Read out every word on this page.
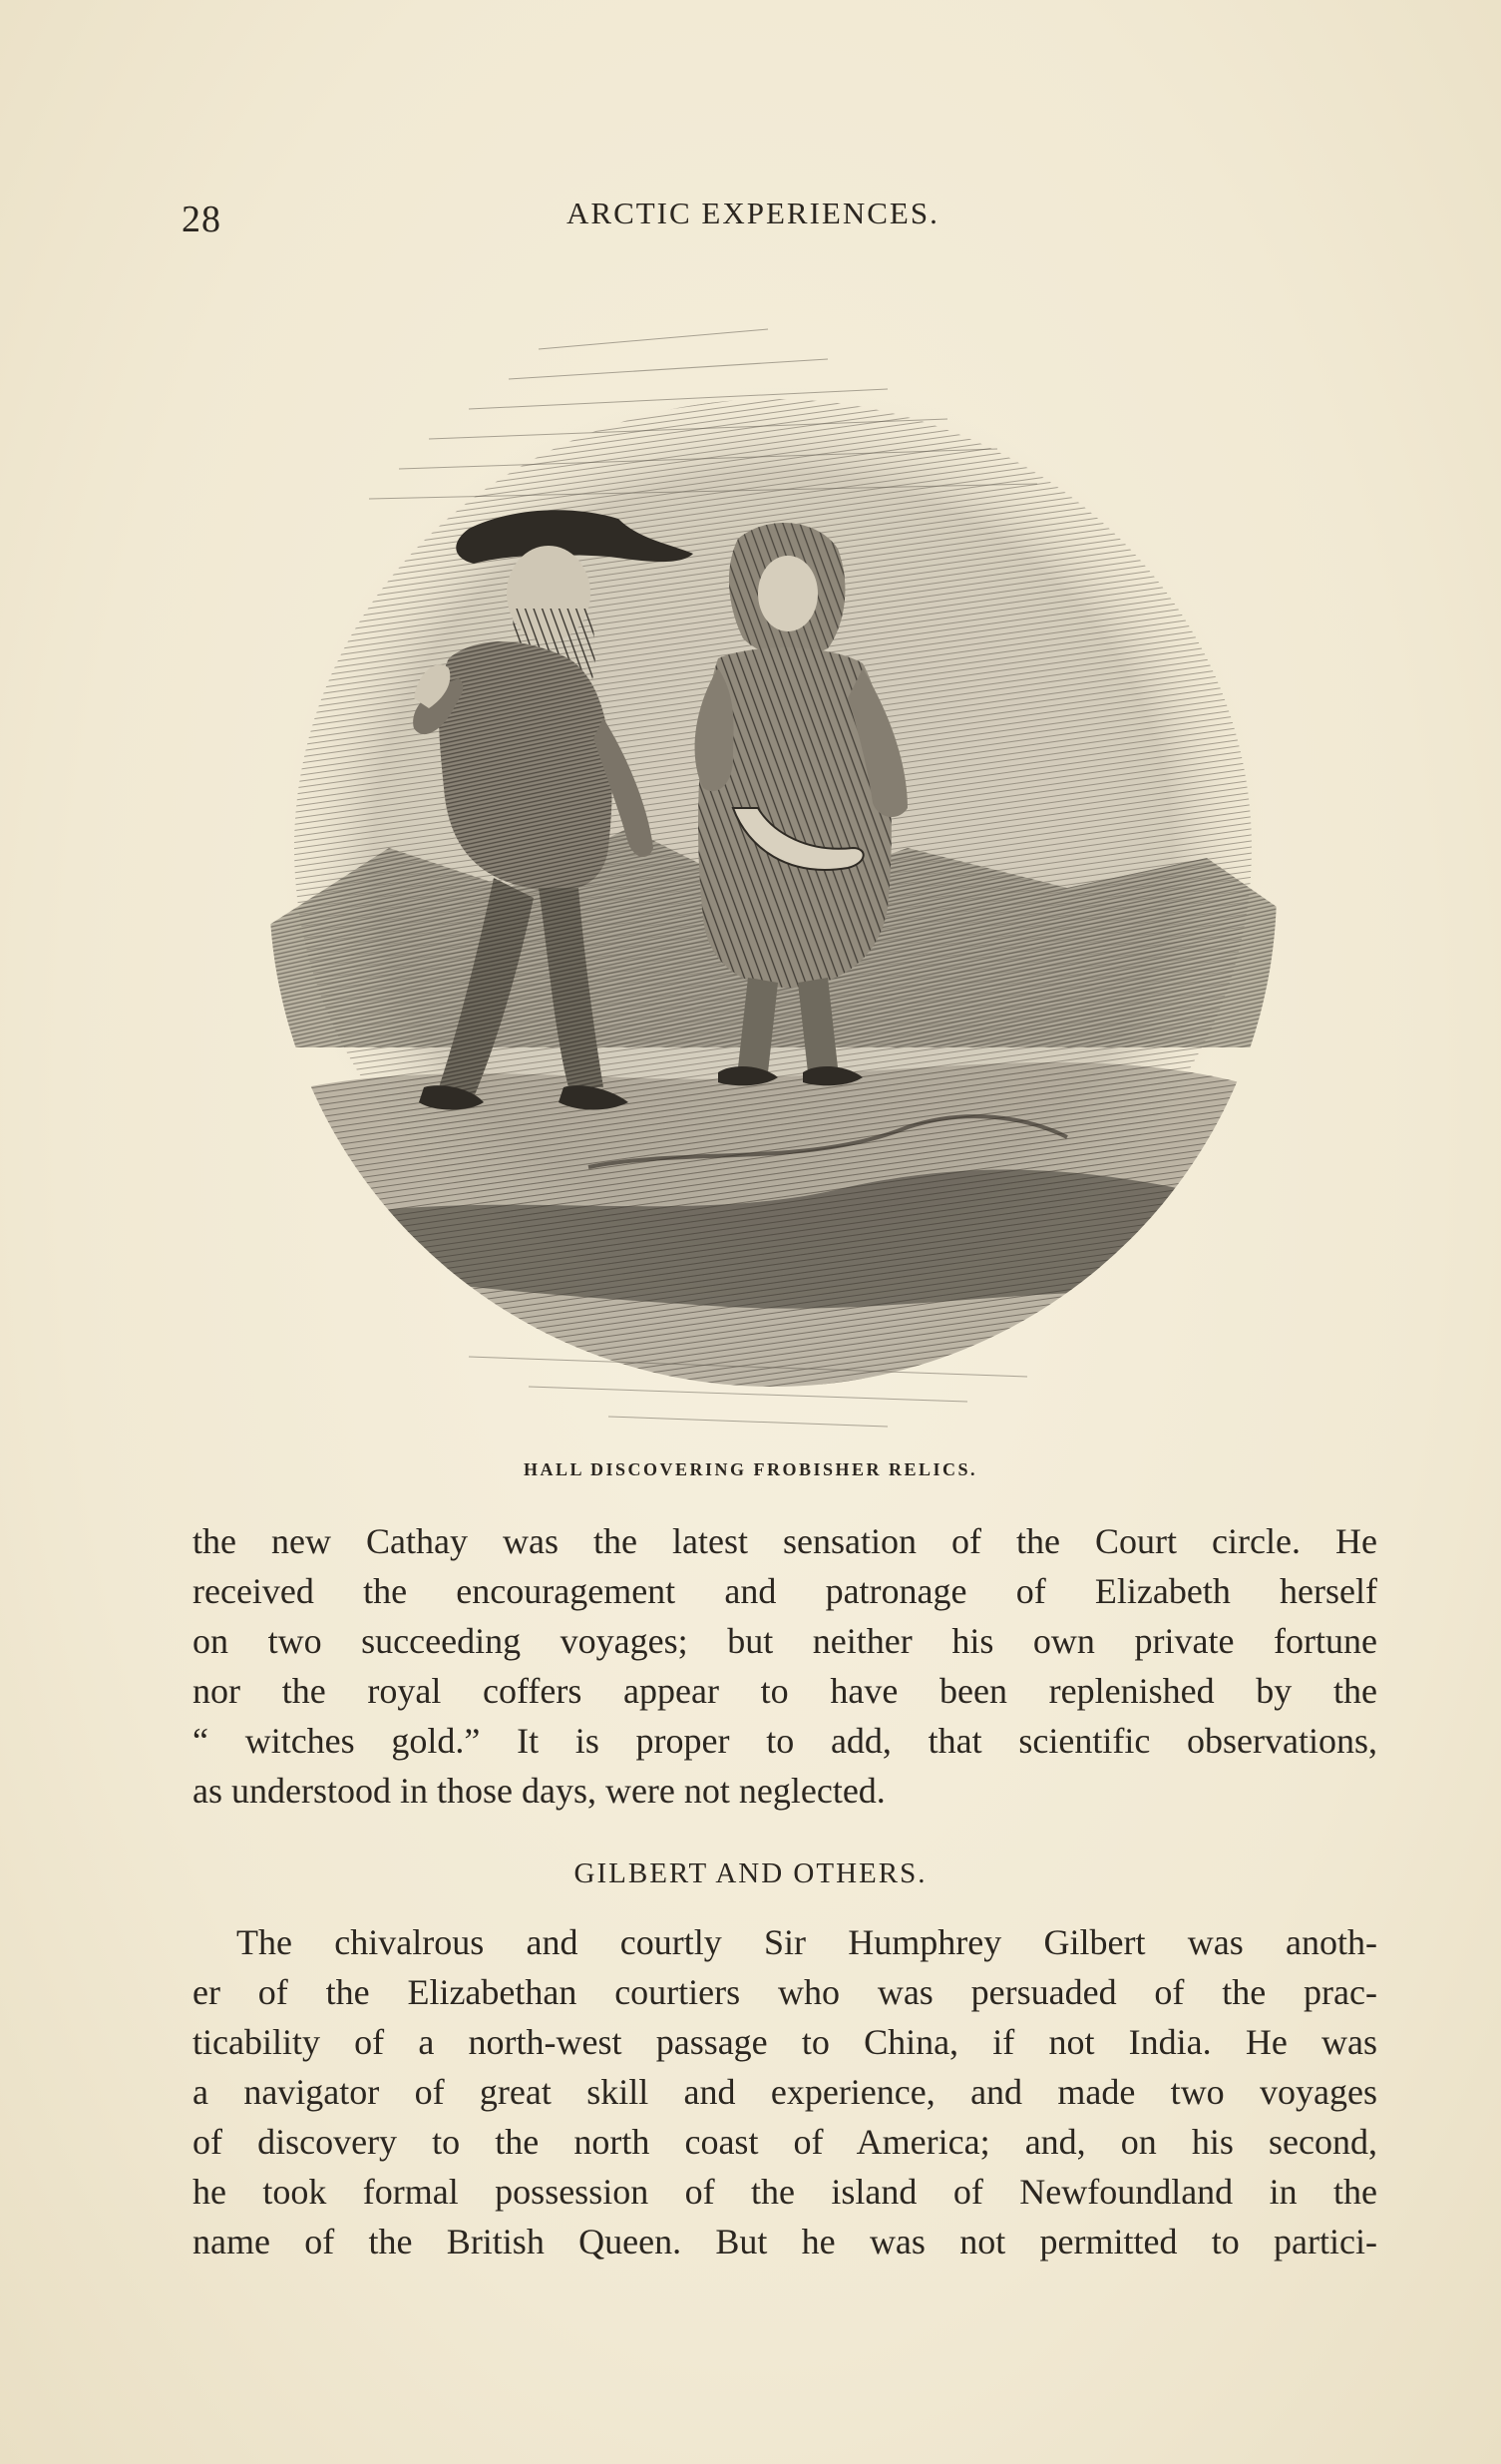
28	ARCTIC EXPERIENCES.
HALL DISCOVERING FROBISHER RELICS.
the new Cathay was the latest sensation of the Court circle. He
received the encouragement and patronage of Elizabeth herself
on two succeeding voyages; but neither his own private fortune
nor the royal coffers appear to have been replenished by the
“ witches gold.” It is proper to add, that scientific observations,
as understood in those days, were not neglected.
GILBERT AND OTHERS.
The chivalrous and courtly Sir Humphrey Gilbert was anoth-
er of the Elizabethan courtiers who was persuaded of the prac-
ticability of a north-west passage to China, if not India. He was
a navigator of great skill and experience, and made two voyages
of discovery to the north coast of America; and, on his second,
he took formal possession of the island of Newfoundland in the
name of the British Queen. But he was not permitted to partici-
